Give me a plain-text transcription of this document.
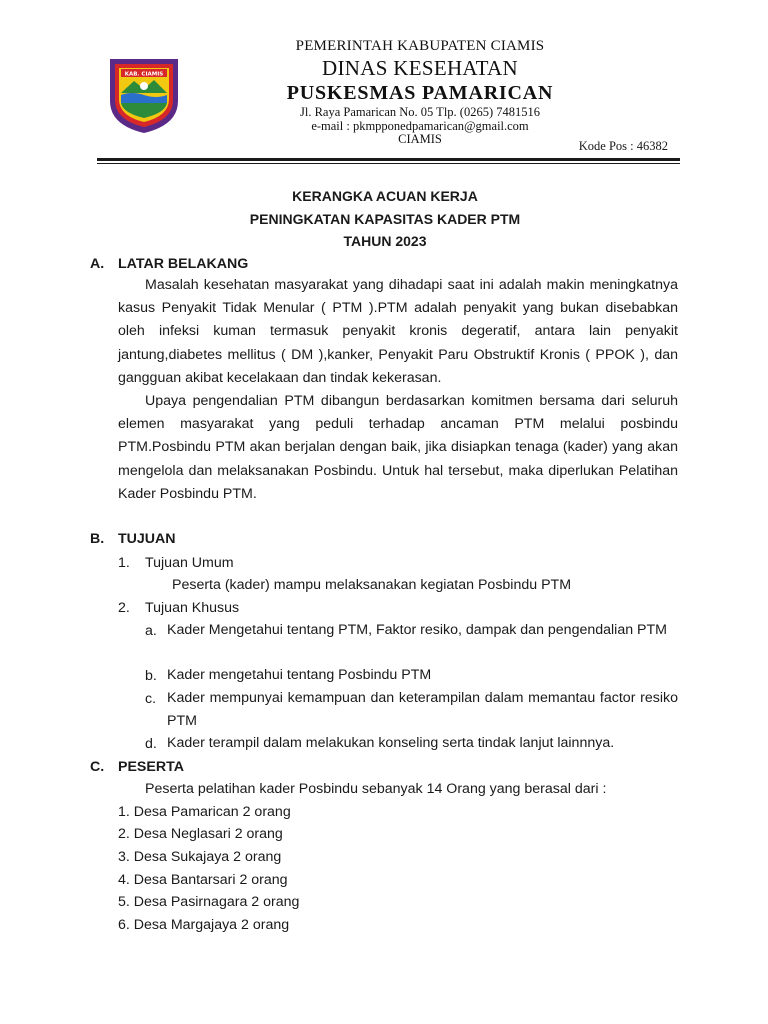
KAB. CIAMIS
PEMERINTAH KABUPATEN CIAMIS
DINAS KESEHATAN
PUSKESMAS PAMARICAN
Jl. Raya Pamarican No. 05 Tlp. (0265) 7481516
e-mail : pkmpponedpamarican@gmail.com
CIAMIS	Kode Pos : 46382
KERANGKA ACUAN KERJA
PENINGKATAN KAPASITAS KADER PTM
TAHUN 2023
A. LATAR BELAKANG

Masalah kesehatan masyarakat yang dihadapi saat ini adalah makin meningkatnya kasus Penyakit Tidak Menular ( PTM ).PTM adalah penyakit yang bukan disebabkan oleh infeksi kuman termasuk penyakit kronis degeratif, antara lain penyakit jantung,diabetes mellitus ( DM ),kanker, Penyakit Paru Obstruktif Kronis ( PPOK ), dan gangguan akibat kecelakaan dan tindak kekerasan.

Upaya pengendalian PTM dibangun berdasarkan komitmen bersama dari seluruh elemen masyarakat yang peduli terhadap ancaman PTM melalui posbindu PTM.Posbindu PTM akan berjalan dengan baik, jika disiapkan tenaga (kader) yang akan mengelola dan melaksanakan Posbindu. Untuk hal tersebut, maka diperlukan Pelatihan Kader Posbindu PTM.

B. TUJUAN
1. Tujuan Umum
Peserta (kader) mampu melaksanakan kegiatan Posbindu PTM
2. Tujuan Khusus
a. Kader Mengetahui tentang PTM, Faktor resiko, dampak dan pengendalian PTM

b. Kader mengetahui tentang Posbindu PTM

c. Kader mempunyai kemampuan dan keterampilan dalam memantau factor resiko PTM

d. Kader terampil dalam melakukan konseling serta tindak lanjut lainnnya.

C. PESERTA
Peserta pelatihan kader Posbindu sebanyak 14 Orang yang berasal dari :
1. Desa Pamarican 2 orang
2. Desa Neglasari 2 orang
3. Desa Sukajaya 2 orang
4. Desa Bantarsari 2 orang
5. Desa Pasirnagara 2 orang
6. Desa Margajaya 2 orang
